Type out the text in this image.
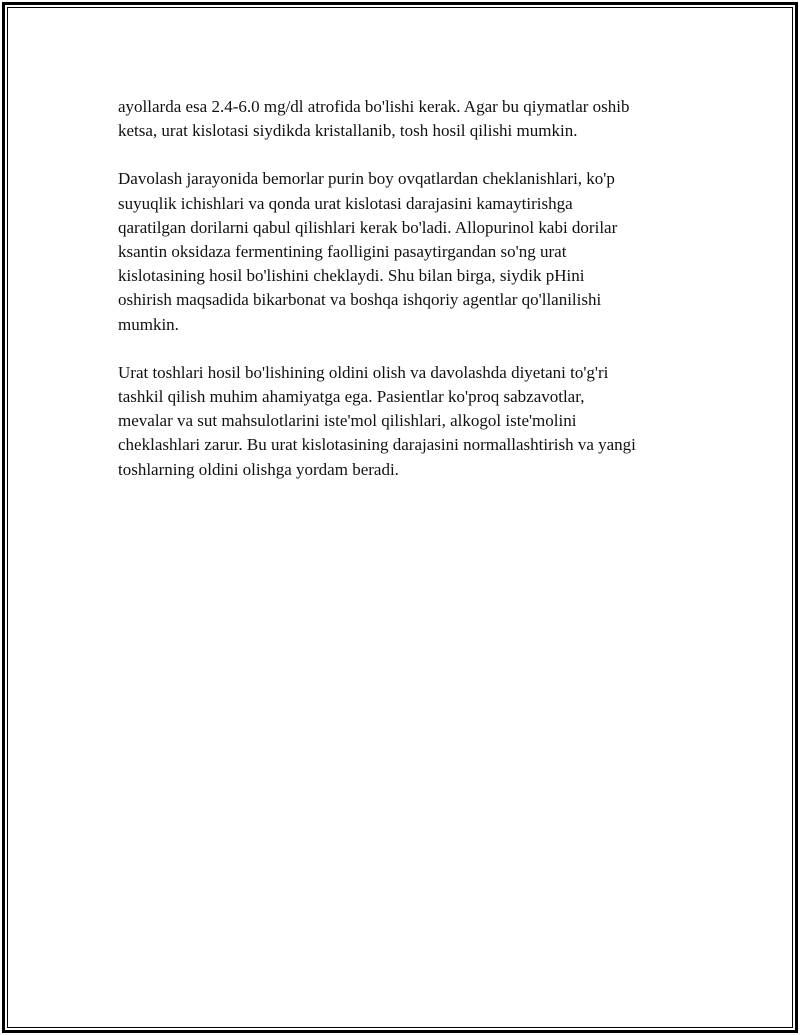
ayollarda esa 2.4-6.0 mg/dl atrofida bo'lishi kerak. Agar bu qiymatlar oshib
ketsa, urat kislotasi siydikda kristallanib, tosh hosil qilishi mumkin.

Davolash jarayonida bemorlar purin boy ovqatlardan cheklanishlari, ko'p
suyuqlik ichishlari va qonda urat kislotasi darajasini kamaytirishga
qaratilgan dorilarni qabul qilishlari kerak bo'ladi. Allopurinol kabi dorilar
ksantin oksidaza fermentining faolligini pasaytirgandan so'ng urat
kislotasining hosil bo'lishini cheklaydi. Shu bilan birga, siydik pHini
oshirish maqsadida bikarbonat va boshqa ishqoriy agentlar qo'llanilishi
mumkin.

Urat toshlari hosil bo'lishining oldini olish va davolashda diyetani to'g'ri
tashkil qilish muhim ahamiyatga ega. Pasientlar ko'proq sabzavotlar,
mevalar va sut mahsulotlarini iste'mol qilishlari, alkogol iste'molini
cheklashlari zarur. Bu urat kislotasining darajasini normallashtirish va yangi
toshlarning oldini olishga yordam beradi.
